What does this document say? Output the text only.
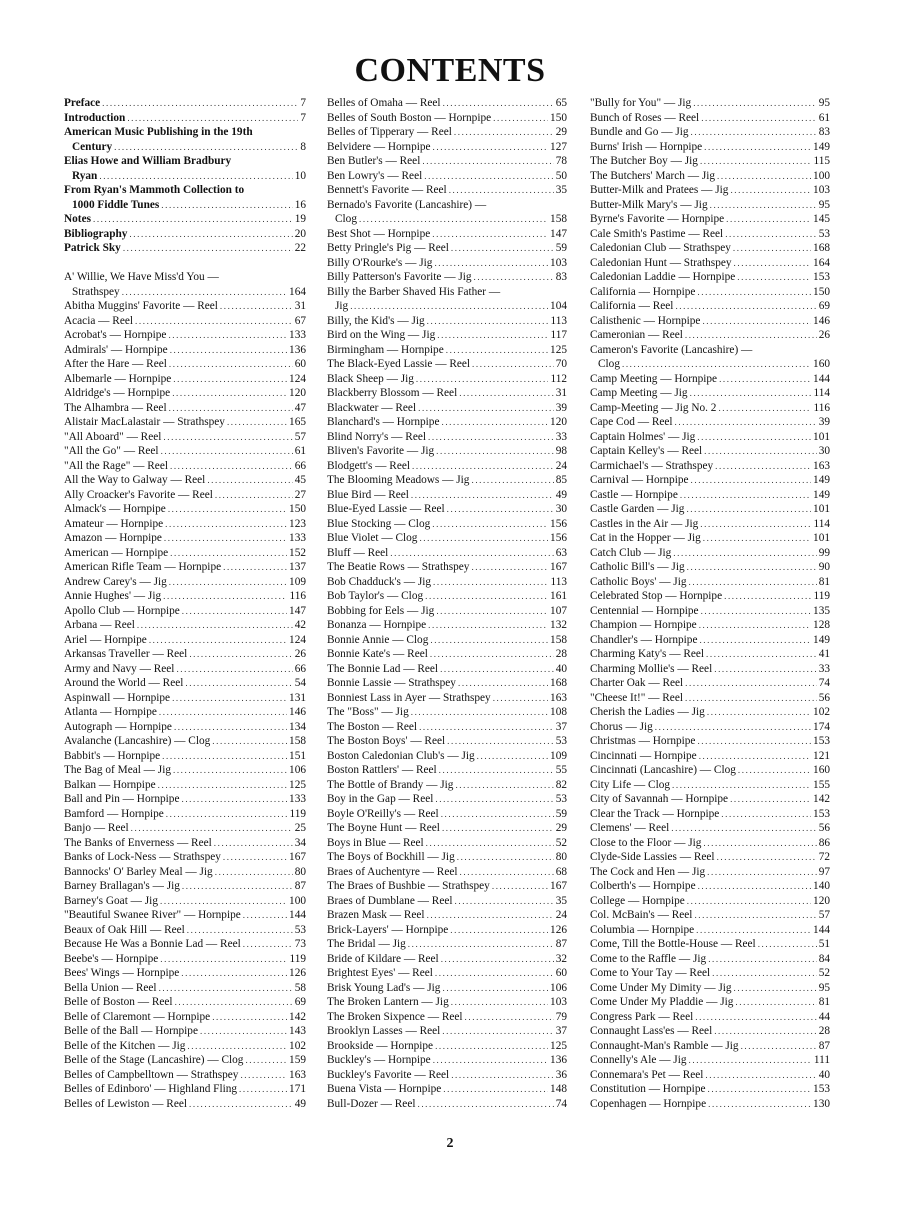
CONTENTS
Preface .....	7
Introduction .....	7
American Music Publishing in the 19th
Century .....	8
Elias Howe and William Bradbury
Ryan .....	10
From Ryan's Mammoth Collection to
1000 Fiddle Tunes .....	16
Notes .....	19
Bibliography .....	20
Patrick Sky .....	22
A' Willie, We Have Miss'd You —
Strathspey .....	164
Abitha Muggins' Favorite — Reel .....	31
Acacia — Reel .....	67
Acrobat's — Hornpipe .....	133
Admirals' — Hornpipe .....	136
After the Hare — Reel .....	60
Albemarle — Hornpipe .....	124
Aldridge's — Hornpipe .....	120
The Alhambra — Reel .....	47
Alistair MacLalastair — Strathspey .....	165
"All Aboard" — Reel .....	57
"All the Go" — Reel .....	61
"All the Rage" — Reel .....	66
All the Way to Galway — Reel .....	45
Ally Croacker's Favorite — Reel .....	27
Almack's — Hornpipe .....	150
Amateur — Hornpipe .....	123
Amazon — Hornpipe .....	133
American — Hornpipe .....	152
American Rifle Team — Hornpipe .....	137
Andrew Carey's — Jig .....	109
Annie Hughes' — Jig .....	116
Apollo Club — Hornpipe .....	147
Arbana — Reel .....	42
Ariel — Hornpipe .....	124
Arkansas Traveller — Reel .....	26
Army and Navy — Reel .....	66
Around the World — Reel .....	54
Aspinwall — Hornpipe .....	131
Atlanta — Hornpipe .....	146
Autograph — Hornpipe .....	134
Avalanche (Lancashire) — Clog .....	158
Babbit's — Hornpipe .....	151
The Bag of Meal — Jig .....	106
Balkan — Hornpipe .....	125
Ball and Pin — Hornpipe .....	133
Bamford — Hornpipe .....	119
Banjo — Reel .....	25
The Banks of Enverness — Reel .....	34
Banks of Lock-Ness — Strathspey .....	167
Bannocks' O' Barley Meal — Jig .....	80
Barney Brallagan's — Jig .....	87
Barney's Goat — Jig .....	100
"Beautiful Swanee River" — Hornpipe .....	144
Beaux of Oak Hill — Reel .....	53
Because He Was a Bonnie Lad — Reel .....	73
Beebe's — Hornpipe .....	119
Bees' Wings — Hornpipe .....	126
Bella Union — Reel .....	58
Belle of Boston — Reel .....	69
Belle of Claremont — Hornpipe .....	142
Belle of the Ball — Hornpipe .....	143
Belle of the Kitchen — Jig .....	102
Belle of the Stage (Lancashire) — Clog .....	159
Belles of Campbelltown — Strathspey .....	163
Belles of Edinboro' — Highland Fling .....	171
Belles of Lewiston — Reel .....	49
Belles of Omaha — Reel .....	65
Belles of South Boston — Hornpipe .....	150
Belles of Tipperary — Reel .....	29
Belvidere — Hornpipe .....	127
Ben Butler's — Reel .....	78
Ben Lowry's — Reel .....	50
Bennett's Favorite — Reel .....	35
Bernado's Favorite (Lancashire) —
Clog .....	158
Best Shot — Hornpipe .....	147
Betty Pringle's Pig — Reel .....	59
Billy O'Rourke's — Jig .....	103
Billy Patterson's Favorite — Jig .....	83
Billy the Barber Shaved His Father —
Jig .....	104
Billy, the Kid's — Jig .....	113
Bird on the Wing — Jig .....	117
Birmingham — Hornpipe .....	125
The Black-Eyed Lassie — Reel .....	70
Black Sheep — Jig .....	112
Blackberry Blossom — Reel .....	31
Blackwater — Reel .....	39
Blanchard's — Hornpipe .....	120
Blind Norry's — Reel .....	33
Bliven's Favorite — Jig .....	98
Blodgett's — Reel .....	24
The Blooming Meadows — Jig .....	85
Blue Bird — Reel .....	49
Blue-Eyed Lassie — Reel .....	30
Blue Stocking — Clog .....	156
Blue Violet — Clog .....	156
Bluff — Reel .....	63
The Beatie Rows — Strathspey .....	167
Bob Chadduck's — Jig .....	113
Bob Taylor's — Clog .....	161
Bobbing for Eels — Jig .....	107
Bonanza — Hornpipe .....	132
Bonnie Annie — Clog .....	158
Bonnie Kate's — Reel .....	28
The Bonnie Lad — Reel .....	40
Bonnie Lassie — Strathspey .....	168
Bonniest Lass in Ayer — Strathspey .....	163
The "Boss" — Jig .....	108
The Boston — Reel .....	37
The Boston Boys' — Reel .....	53
Boston Caledonian Club's — Jig .....	109
Boston Rattlers' — Reel .....	55
The Bottle of Brandy — Jig .....	82
Boy in the Gap — Reel .....	53
Boyle O'Reilly's — Reel .....	59
The Boyne Hunt — Reel .....	29
Boys in Blue — Reel .....	52
The Boys of Bockhill — Jig .....	80
Braes of Auchentyre — Reel .....	68
The Braes of Bushbie — Strathspey .....	167
Braes of Dumblane — Reel .....	35
Brazen Mask — Reel .....	24
Brick-Layers' — Hornpipe .....	126
The Bridal — Jig .....	87
Bride of Kildare — Reel .....	32
Brightest Eyes' — Reel .....	60
Brisk Young Lad's — Jig .....	106
The Broken Lantern — Jig .....	103
The Broken Sixpence — Reel .....	79
Brooklyn Lasses — Reel .....	37
Brookside — Hornpipe .....	125
Buckley's — Hornpipe .....	136
Buckley's Favorite — Reel .....	36
Buena Vista — Hornpipe .....	148
Bull-Dozer — Reel .....	74
"Bully for You" — Jig .....	95
Bunch of Roses — Reel .....	61
Bundle and Go — Jig .....	83
Burns' Irish — Hornpipe .....	149
The Butcher Boy — Jig .....	115
The Butchers' March — Jig .....	100
Butter-Milk and Pratees — Jig .....	103
Butter-Milk Mary's — Jig .....	95
Byrne's Favorite — Hornpipe .....	145
Cale Smith's Pastime — Reel .....	53
Caledonian Club — Strathspey .....	168
Caledonian Hunt — Strathspey .....	164
Caledonian Laddie — Hornpipe .....	153
California — Hornpipe .....	150
California — Reel .....	69
Calisthenic — Hornpipe .....	146
Cameronian — Reel .....	26
Cameron's Favorite (Lancashire) —
Clog .....	160
Camp Meeting — Hornpipe .....	144
Camp Meeting — Jig .....	114
Camp-Meeting — Jig No. 2 .....	116
Cape Cod — Reel .....	39
Captain Holmes' — Jig .....	101
Captain Kelley's — Reel .....	30
Carmichael's — Strathspey .....	163
Carnival — Hornpipe .....	149
Castle — Hornpipe .....	149
Castle Garden — Jig .....	101
Castles in the Air — Jig .....	114
Cat in the Hopper — Jig .....	101
Catch Club — Jig .....	99
Catholic Bill's — Jig .....	90
Catholic Boys' — Jig .....	81
Celebrated Stop — Hornpipe .....	119
Centennial — Hornpipe .....	135
Champion — Hornpipe .....	128
Chandler's — Hornpipe .....	149
Charming Katy's — Reel .....	41
Charming Mollie's — Reel .....	33
Charter Oak — Reel .....	74
"Cheese It!" — Reel .....	56
Cherish the Ladies — Jig .....	102
Chorus — Jig .....	174
Christmas — Hornpipe .....	153
Cincinnati — Hornpipe .....	121
Cincinnati (Lancashire) — Clog .....	160
City Life — Clog .....	155
City of Savannah — Hornpipe .....	142
Clear the Track — Hornpipe .....	153
Clemens' — Reel .....	56
Close to the Floor — Jig .....	86
Clyde-Side Lassies — Reel .....	72
The Cock and Hen — Jig .....	97
Colberth's — Hornpipe .....	140
College — Hornpipe .....	120
Col. McBain's — Reel .....	57
Columbia — Hornpipe .....	144
Come, Till the Bottle-House — Reel .....	51
Come to the Raffle — Jig .....	84
Come to Your Tay — Reel .....	52
Come Under My Dimity — Jig .....	95
Come Under My Pladdie — Jig .....	81
Congress Park — Reel .....	44
Connaught Lass'es — Reel .....	28
Connaught-Man's Ramble — Jig .....	87
Connelly's Ale — Jig .....	111
Connemara's Pet — Reel .....	40
Constitution — Hornpipe .....	153
Copenhagen — Hornpipe .....	130
2
